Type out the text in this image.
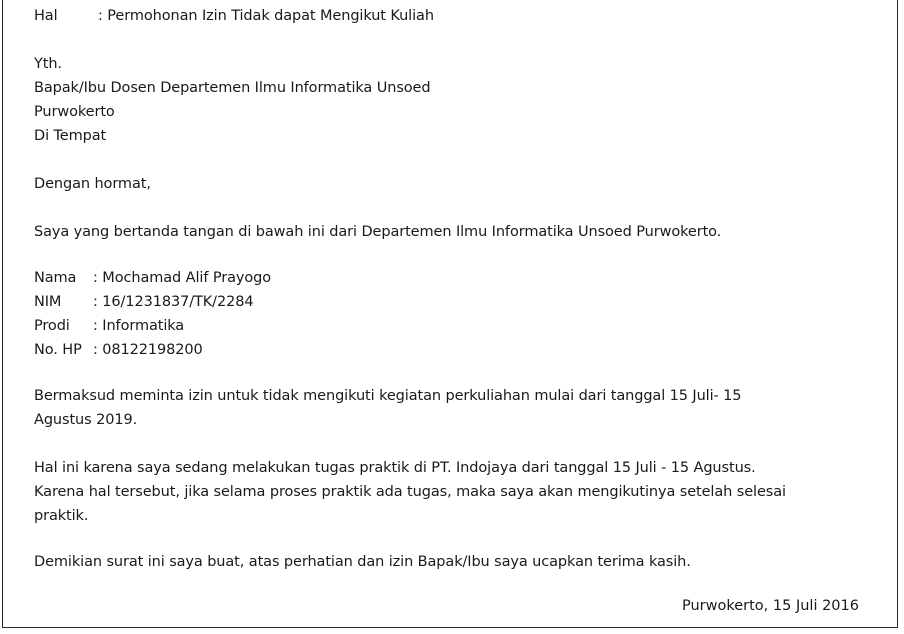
Hal	: Permohonan Izin Tidak dapat Mengikut Kuliah
Yth.
Bapak/Ibu Dosen Departemen Ilmu Informatika Unsoed
Purwokerto
Di Tempat
Dengan hormat,
Saya yang bertanda tangan di bawah ini dari Departemen Ilmu Informatika Unsoed Purwokerto.
Nama : Mochamad Alif Prayogo
NIM : 16/1231837/TK/2284
Prodi : Informatika
No. HP : 08122198200
Bermaksud meminta izin untuk tidak mengikuti kegiatan perkuliahan mulai dari tanggal 15 Juli- 15
Agustus 2019.
Hal ini karena saya sedang melakukan tugas praktik di PT. Indojaya dari tanggal 15 Juli - 15 Agustus.
Karena hal tersebut, jika selama proses praktik ada tugas, maka saya akan mengikutinya setelah selesai
praktik.
Demikian surat ini saya buat, atas perhatian dan izin Bapak/Ibu saya ucapkan terima kasih.
Purwokerto, 15 Juli 2016
